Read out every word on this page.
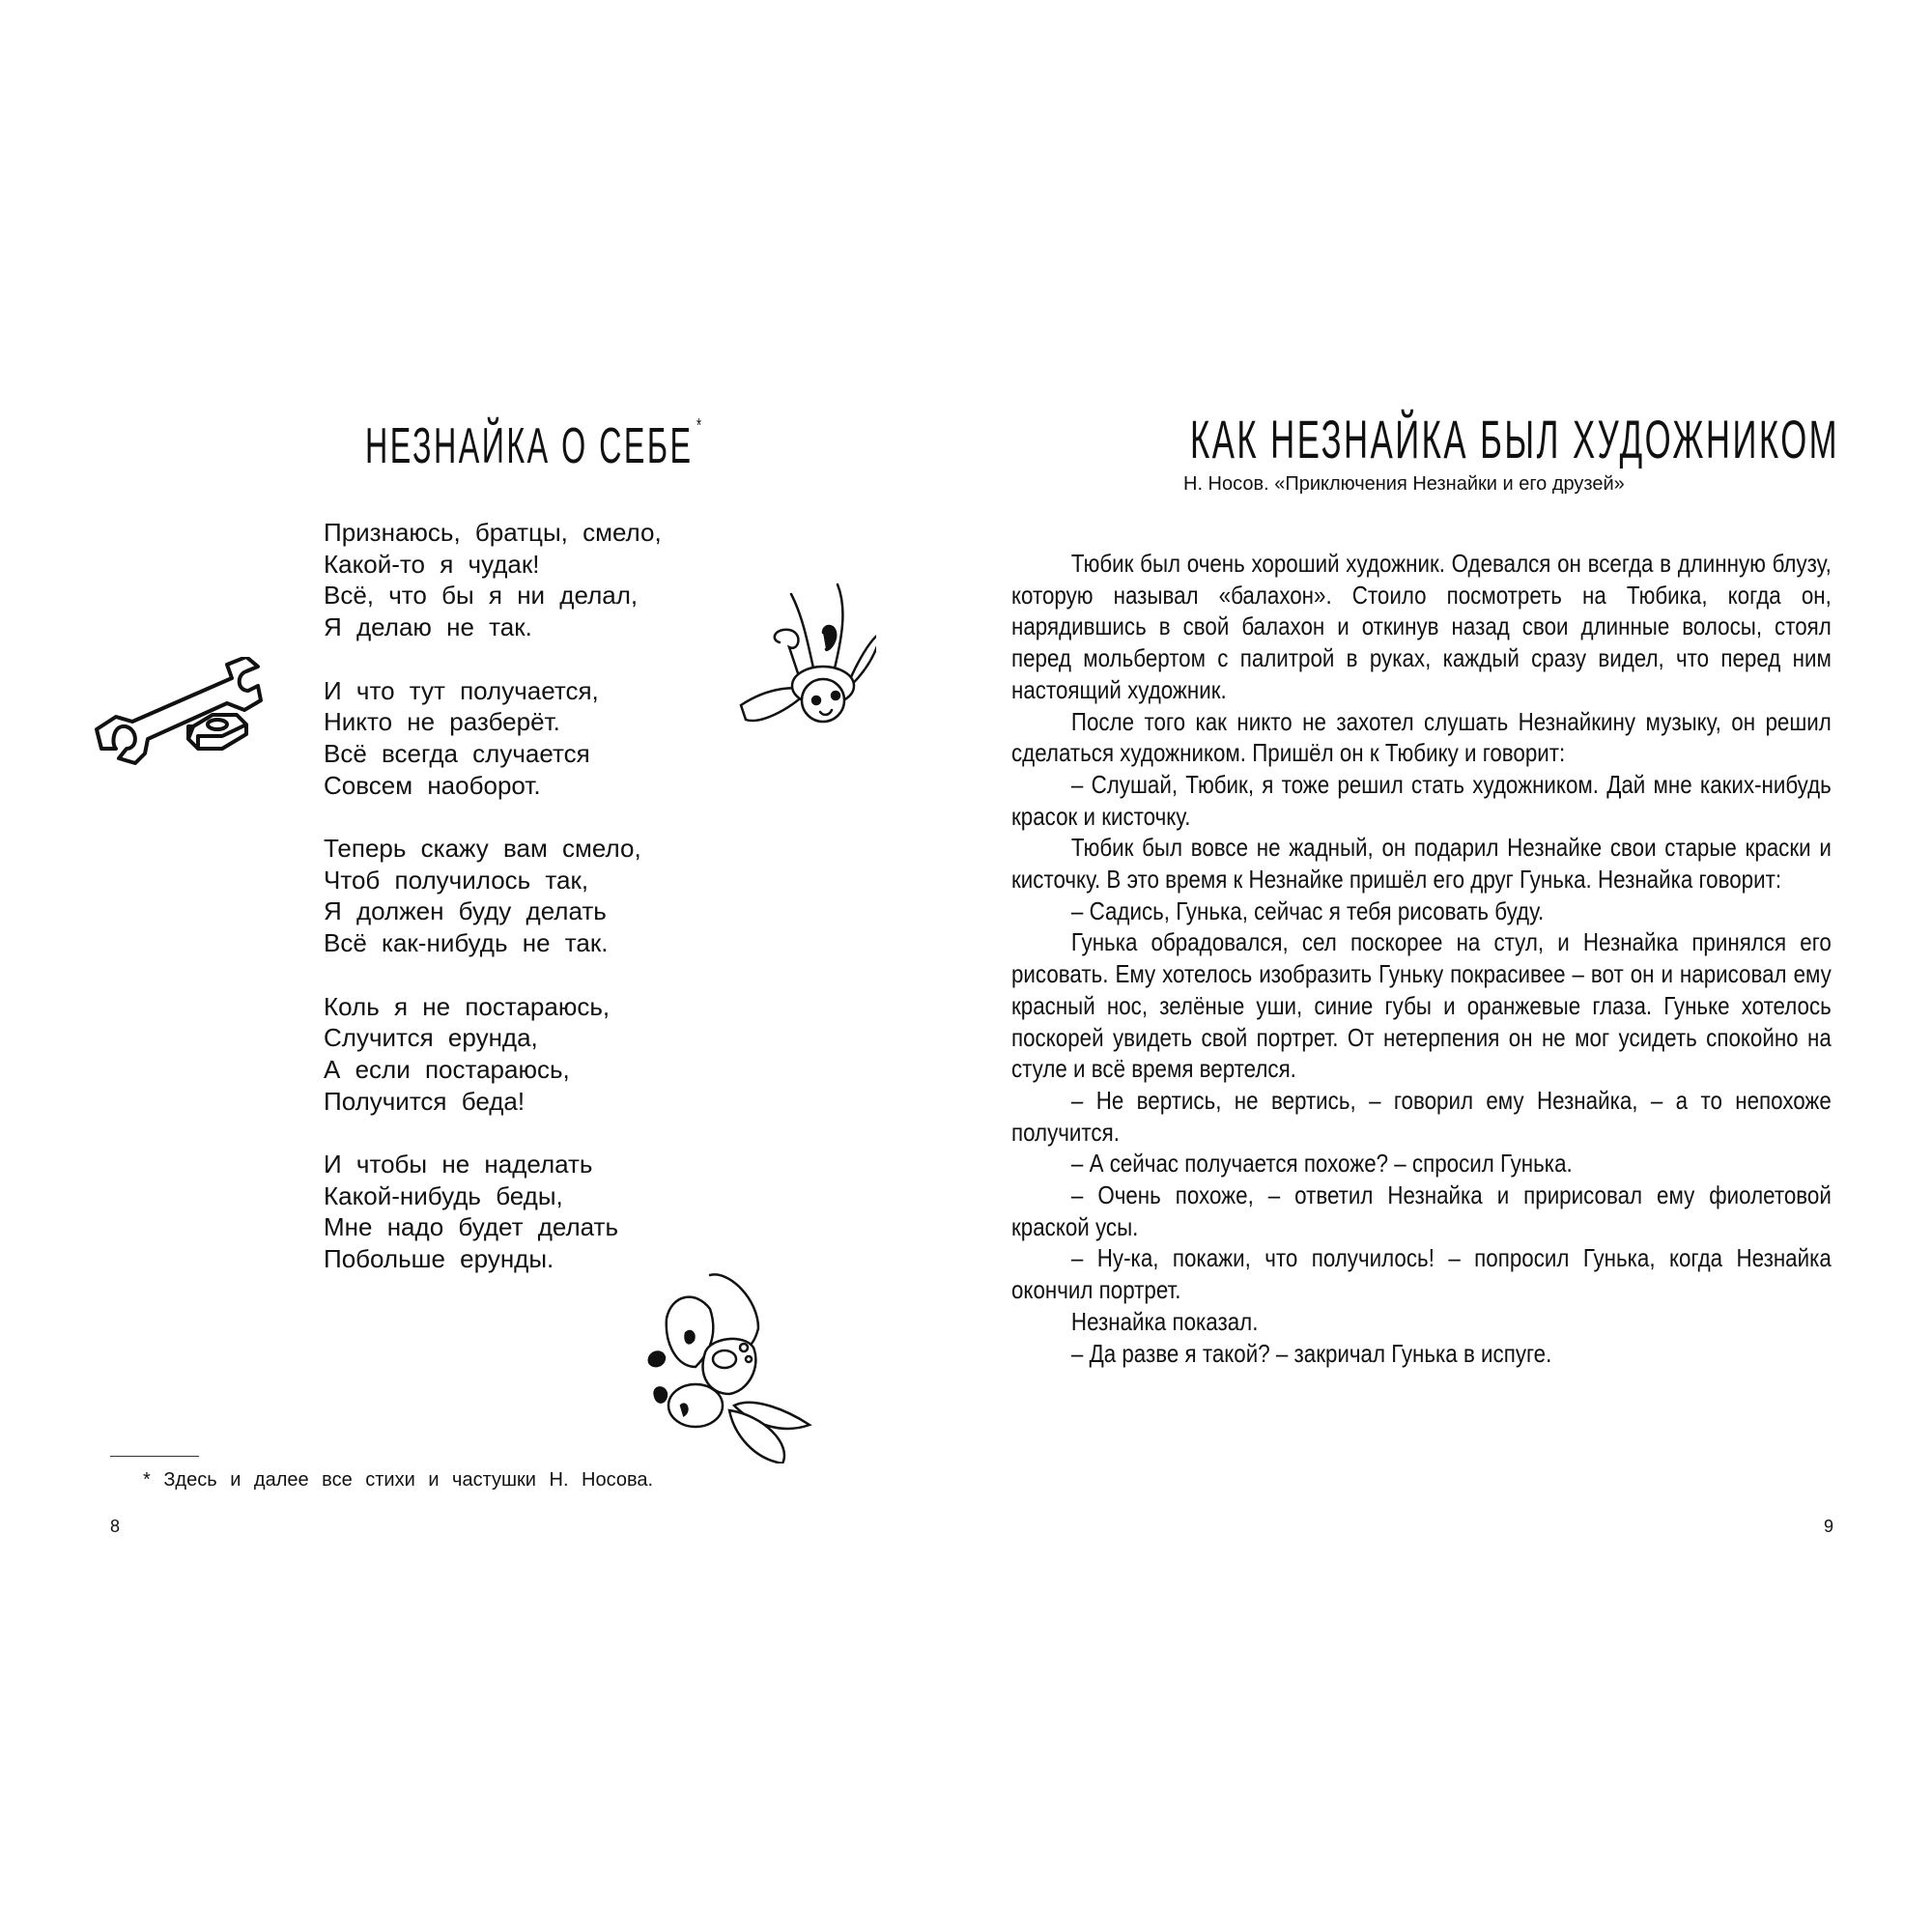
НЕЗНАЙКА О СЕБЕ *
Признаюсь, братцы, смело,
Какой-то я чудак!
Всё, что бы я ни делал,
Я делаю не так.
И что тут получается,
Никто не разберёт.
Всё всегда случается
Совсем наоборот.
Теперь скажу вам смело,
Чтоб получилось так,
Я должен буду делать
Всё как-нибудь не так.
Коль я не постараюсь,
Случится ерунда,
А если постараюсь,
Получится беда!
И чтобы не наделать
Какой-нибудь беды,
Мне надо будет делать
Побольше ерунды.
* Здесь и далее все стихи и частушки Н. Носова.
8
КАК НЕЗНАЙКА БЫЛ ХУДОЖНИКОМ
Н. Носов. «Приключения Незнайки и его друзей»

Тюбик был очень хороший художник. Одевался он всегда в длинную блузу, которую называл «балахон». Стоило посмотреть на Тюбика, когда он, нарядившись в свой балахон и откинув назад свои длинные волосы, стоял перед мольбертом с палитрой в руках, каждый сразу видел, что перед ним настоящий художник.

После того как никто не захотел слушать Незнайкину музыку, он решил сделаться художником. Пришёл он к Тюбику и говорит:

– Слушай, Тюбик, я тоже решил стать художником. Дай мне каких-нибудь красок и кисточку.

Тюбик был вовсе не жадный, он подарил Незнайке свои старые краски и кисточку. В это время к Незнайке пришёл его друг Гунька. Незнайка говорит:

– Садись, Гунька, сейчас я тебя рисовать буду.

Гунька обрадовался, сел поскорее на стул, и Незнайка принялся его рисовать. Ему хотелось изобразить Гуньку покрасивее – вот он и нарисовал ему красный нос, зелёные уши, синие губы и оранжевые глаза. Гуньке хотелось поскорей увидеть свой портрет. От нетерпения он не мог усидеть спокойно на стуле и всё время вертелся.

– Не вертись, не вертись, – говорил ему Незнайка, – а то непохоже получится.

– А сейчас получается похоже? – спросил Гунька.

– Очень похоже, – ответил Незнайка и пририсовал ему фиолетовой краской усы.

– Ну-ка, покажи, что получилось! – попросил Гунька, когда Незнайка окончил портрет.

Незнайка показал.

– Да разве я такой? – закричал Гунька в испуге.

9
